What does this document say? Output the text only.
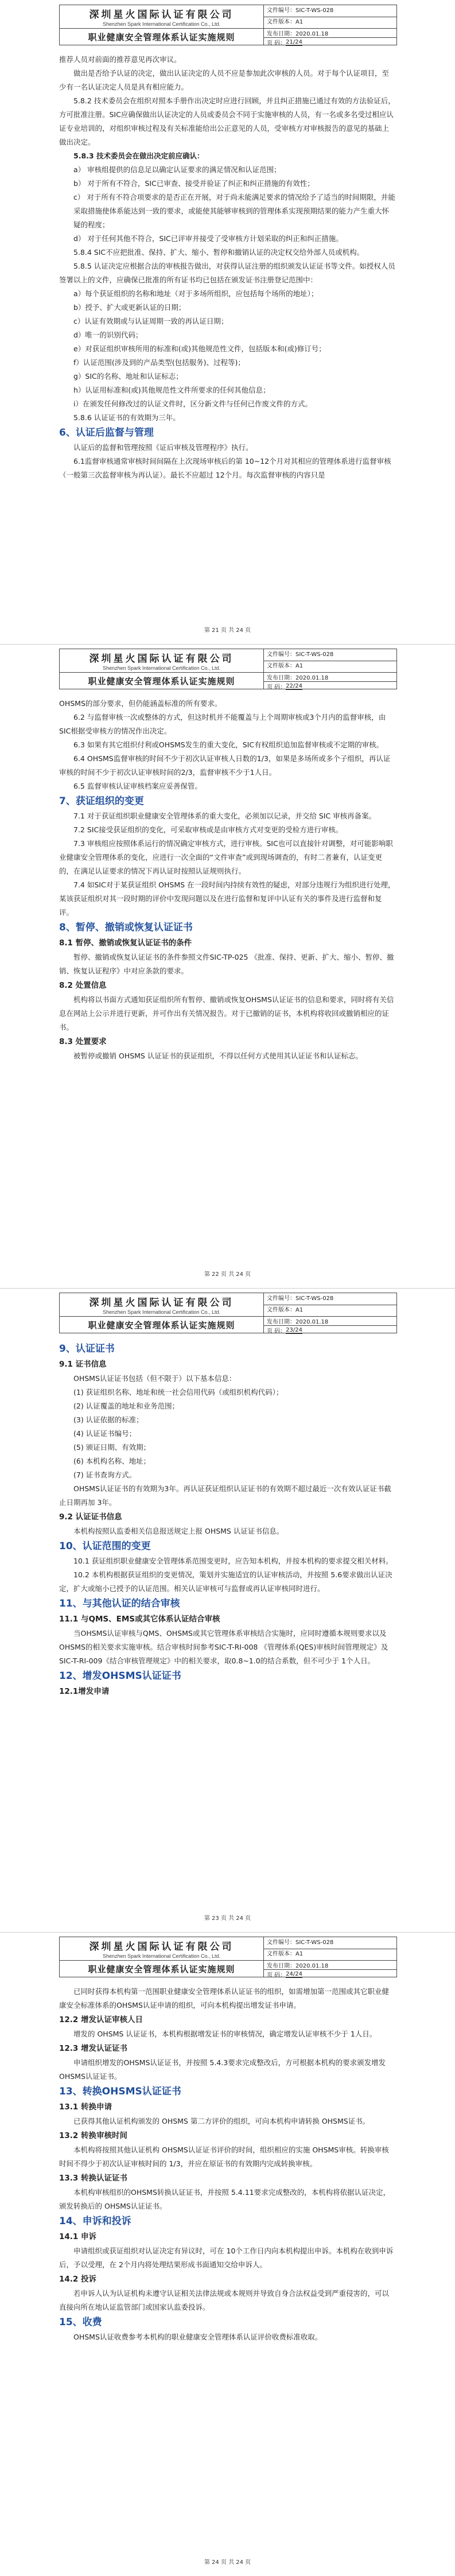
深圳星火国际认证有限公司
Shenzhen Spark International Certification Co., Ltd.
文件编号：SIC-T-WS-028
文件版本：A1
职业健康安全管理体系认证实施规则	发布日期：2020.01.18
页 码： 21/24

推荐人员对前面的推荐意见再次审议。

做出是否给予认证的决定，做出认证决定的人员不应是参加此次审核的人员。对于每个认证项目，至少有一名认证决定人员是具有相应能力。

5.8.2 技术委员会在组织对照本手册作出决定时应进行回顾，并且纠正措施已通过有效的方法验证后，方可批准注册。SIC应确保做出认证决定的人员或委员会不同于实施审核的人员，有一名或多名受过相应认证专业培训的，对组织审核过程及有关标准能给出公正意见的人员，受审核方对审核报告的意见的基础上做出决定。

5.8.3 技术委员会在做出决定前应确认：

a） 审核组提供的信息足以确定认证要求的满足情况和认证范围；

b） 对于所有不符合，SIC已审查、接受并验证了纠正和纠正措施的有效性；

c） 对于所有不符合项要求的是否正在开展，对于尚未能满足要求的情况给予了适当的时间期限，并能采取措施使体系能达到一致的要求，或能使其能够审核到的管理体系实现预期结果的能力产生重大怀疑的程度；

d） 对于任何其他不符合，SIC已评审并接受了受审核方计划采取的纠正和纠正措施。

5.8.4 SIC不应把批准、保持、扩大、缩小、暂停和撤销认证的决定权交给外部人员或机构。

5.8.5 认证决定应根据合法的审核报告做出，对获得认证注册的组织颁发认证证书等文件。如授权人员签署以上的文件，应确保已批准的所有证书均已包括在颁发证书注册登记范围中：

a）每个获证组织的名称和地址（对于多场所组织，应包括每个场所的地址）；

b）授予、扩大或更新认证的日期；

c）认证有效期或与认证周期一致的再认证日期；

d）唯一的识别代码；

e）对获证组织审核所用的标准和(或)其他规范性文件，包括版本和(或)修订号；

f）认证范围(涉及到的产品类型(包括服务)、过程等)；

g）SIC的名称、地址和认证标志；

h）认证用标准和(或)其他规范性文件所要求的任何其他信息；

i）在颁发任何修改过的认证文件时，区分新文件与任何已作废文件的方式。

5.8.6 认证证书的有效期为三年。

6、认证后监督与管理

认证后的监督和管理按照《证后审核及管理程序》执行。

6.1监督审核通常审核时间间隔在上次现场审核后的第 10~12个月对其相应的管理体系进行监督审核（一般第三次监督审核为再认证）。最长不应超过 12个月。每次监督审核的内容只是

第 21 页 共 24 页
深圳星火国际认证有限公司
Shenzhen Spark International Certification Co., Ltd.
文件编号：SIC-T-WS-028
文件版本：A1
职业健康安全管理体系认证实施规则	发布日期：2020.01.18
页 码： 22/24

OHSMS的部分要求，但仍能涵盖标准的所有要求。

6.2 与监督审核一次或整体的方式，但这时机并不能覆盖与上个周期审核或3个月内的监督审核，由SIC根据受审核方的情况作出决定。

6.3 如果有其它组织付利或OHSMS发生的重大变化，SIC有权组织追加监督审核或不定期的审核。

6.4 OHSMS监督审核的时间不少于初次认证审核人日数的1/3，如果是多场所或多个子组织，再认证审核的时间不少于初次认证审核时间的2/3，监督审核不少于1人日。

6.5 监督审核认证审核档案应妥善保管。

7、获证组织的变更

7.1 对于获证组织职业健康安全管理体系的重大变化，必须加以记录，并交给 SIC 审核再备案。

7.2 SIC接受获证组织的变化，可采取审核或是由审核方式对变更的受检方进行审核。

7.3 审核组应按照体系运行的情况确定审核方式，进行审核。SIC也可以直接针对调整，对可能影响职业健康安全管理体系的变化，应进行一次全面的“文件审查”或到现场调查的，有时二者兼有，认证变更的，在满足认证要求的情况下再认证时按照认证规则执行。

7.4 如SIC对于某获证组织 OHSMS 在一段时间内持续有效性的疑虑，对部分违规行为组织进行处理，某该获证组织对其一段时期的评价中发现问题以及在进行监督和复评中认证有关的事件及进行监督和复评。

8、暂停、撤销或恢复认证证书

8.1 暂停、撤销或恢复认证证书的条件

暂停、撤销或恢复认证证书的条件参照文件SIC-TP-025 《批准、保持、更新、扩大、缩小、暂停、撤销、恢复认证程序》中对应条款的要求。

8.2 处置信息

机构将以书面方式通知获证组织所有暂停、撤销或恢复OHSMS认证证书的信息和要求，同时将有关信息在网站上公示并进行更新，并可作出有关情况报告。对于已撤销的证书，本机构将收回或撤销相应的证书。

8.3 处置要求

被暂停或撤销 OHSMS 认证证书的获证组织，不得以任何方式使用其认证证书和认证标志。

第 22 页 共 24 页
深圳星火国际认证有限公司
Shenzhen Spark International Certification Co., Ltd.
文件编号：SIC-T-WS-028
文件版本：A1
职业健康安全管理体系认证实施规则	发布日期：2020.01.18
页 码： 23/24

9、认证证书

9.1 证书信息

OHSMS认证证书包括（但不限于）以下基本信息：

(1) 获证组织名称、地址和统一社会信用代码（或组织机构代码）；

(2) 认证覆盖的地址和业务范围；

(3) 认证依据的标准；

(4) 认证证书编号；

(5) 颁证日期、有效期；

(6) 本机构名称、地址；

(7) 证书查询方式。

OHSMS认证证书的有效期为3年。再认证获证组织认证证书的有效期不超过最近一次有效认证证书截止日期再加 3年。

9.2 认证证书信息

本机构按照认监委相关信息报送规定上报 OHSMS 认证证书信息。

10、认证范围的变更

10.1 获证组织职业健康安全管理体系范围变更时，应告知本机构，并按本机构的要求提交相关材料。

10.2 本机构根据获证组织的变更情况，策划并实施适宜的认证审核活动，并按照 5.6要求做出认证决定，扩大或缩小已授予的认证范围。相关认证审核可与监督或再认证审核同时进行。

11、与其他认证的结合审核

11.1 与QMS、EMS或其它体系认证结合审核

当OHSMS认证审核与QMS、OHSMS或其它管理体系审核结合实施时，应同时遵循本规则要求以及OHSMS的相关要求实施审核。结合审核时间参考SIC-T-RI-008 《管理体系(QES)审核时间管理规定》及SIC-T-RI-009《结合审核管理规定》中的相关要求，取0.8~1.0的结合系数，但不可少于 1个人日。

12、增发OHSMS认证证书

12.1增发申请

第 23 页 共 24 页
深圳星火国际认证有限公司
Shenzhen Spark International Certification Co., Ltd.
文件编号：SIC-T-WS-028
文件版本：A1
职业健康安全管理体系认证实施规则	发布日期：2020.01.18
页 码： 24/24

已同时获得本机构第一范围职业健康安全管理体系认证证书的组织，如需增加第一范围或其它职业健康安全标准体系的OHSMS认证申请的组织，可向本机构提出增发证书申请。

12.2 增发认证审核人日

增发的 OHSMS 认证证书，本机构根据增发证书的审核情况，确定增发认证审核不少于 1人日。

12.3 增发认证证书

申请组织增发的OHSMS认证证书，并按照 5.4.3要求完成整改后，方可根据本机构的要求颁发增发 OHSMS认证证书。

13、转换OHSMS认证证书

13.1 转换申请

已获得其他认证机构颁发的 OHSMS 第二方评价的组织，可向本机构申请转换 OHSMS证书。

13.2 转换审核时间

本机构将按照其他认证机构 OHSMS认证证书评价的时间，组织相应的实施 OHSMS审核。转换审核时间不得少于初次认证审核时间的 1/3，并应在原证书的有效期内完成转换审核。

13.3 转换认证证书

本机构审核组织的OHSMS转换认证证书，并按照 5.4.11要求完成整改的，本机构将依据认证决定，颁发转换后的 OHSMS认证证书。

14、申诉和投诉

14.1 申诉

申请组织或获证组织对认证决定有异议时，可在 10个工作日内向本机构提出申诉。本机构在收到申诉后，予以受理，在 2个月内将处理结果形成书面通知交给申诉人。

14.2 投诉

若申诉人认为认证机构未遵守认证相关法律法规或本规则并导致自身合法权益受到严重侵害的，可以直接向所在地认证监管部门或国家认监委投诉。

15、收费

OHSMS认证收费参考本机构的职业健康安全管理体系认证评价收费标准收取。

第 24 页 共 24 页
